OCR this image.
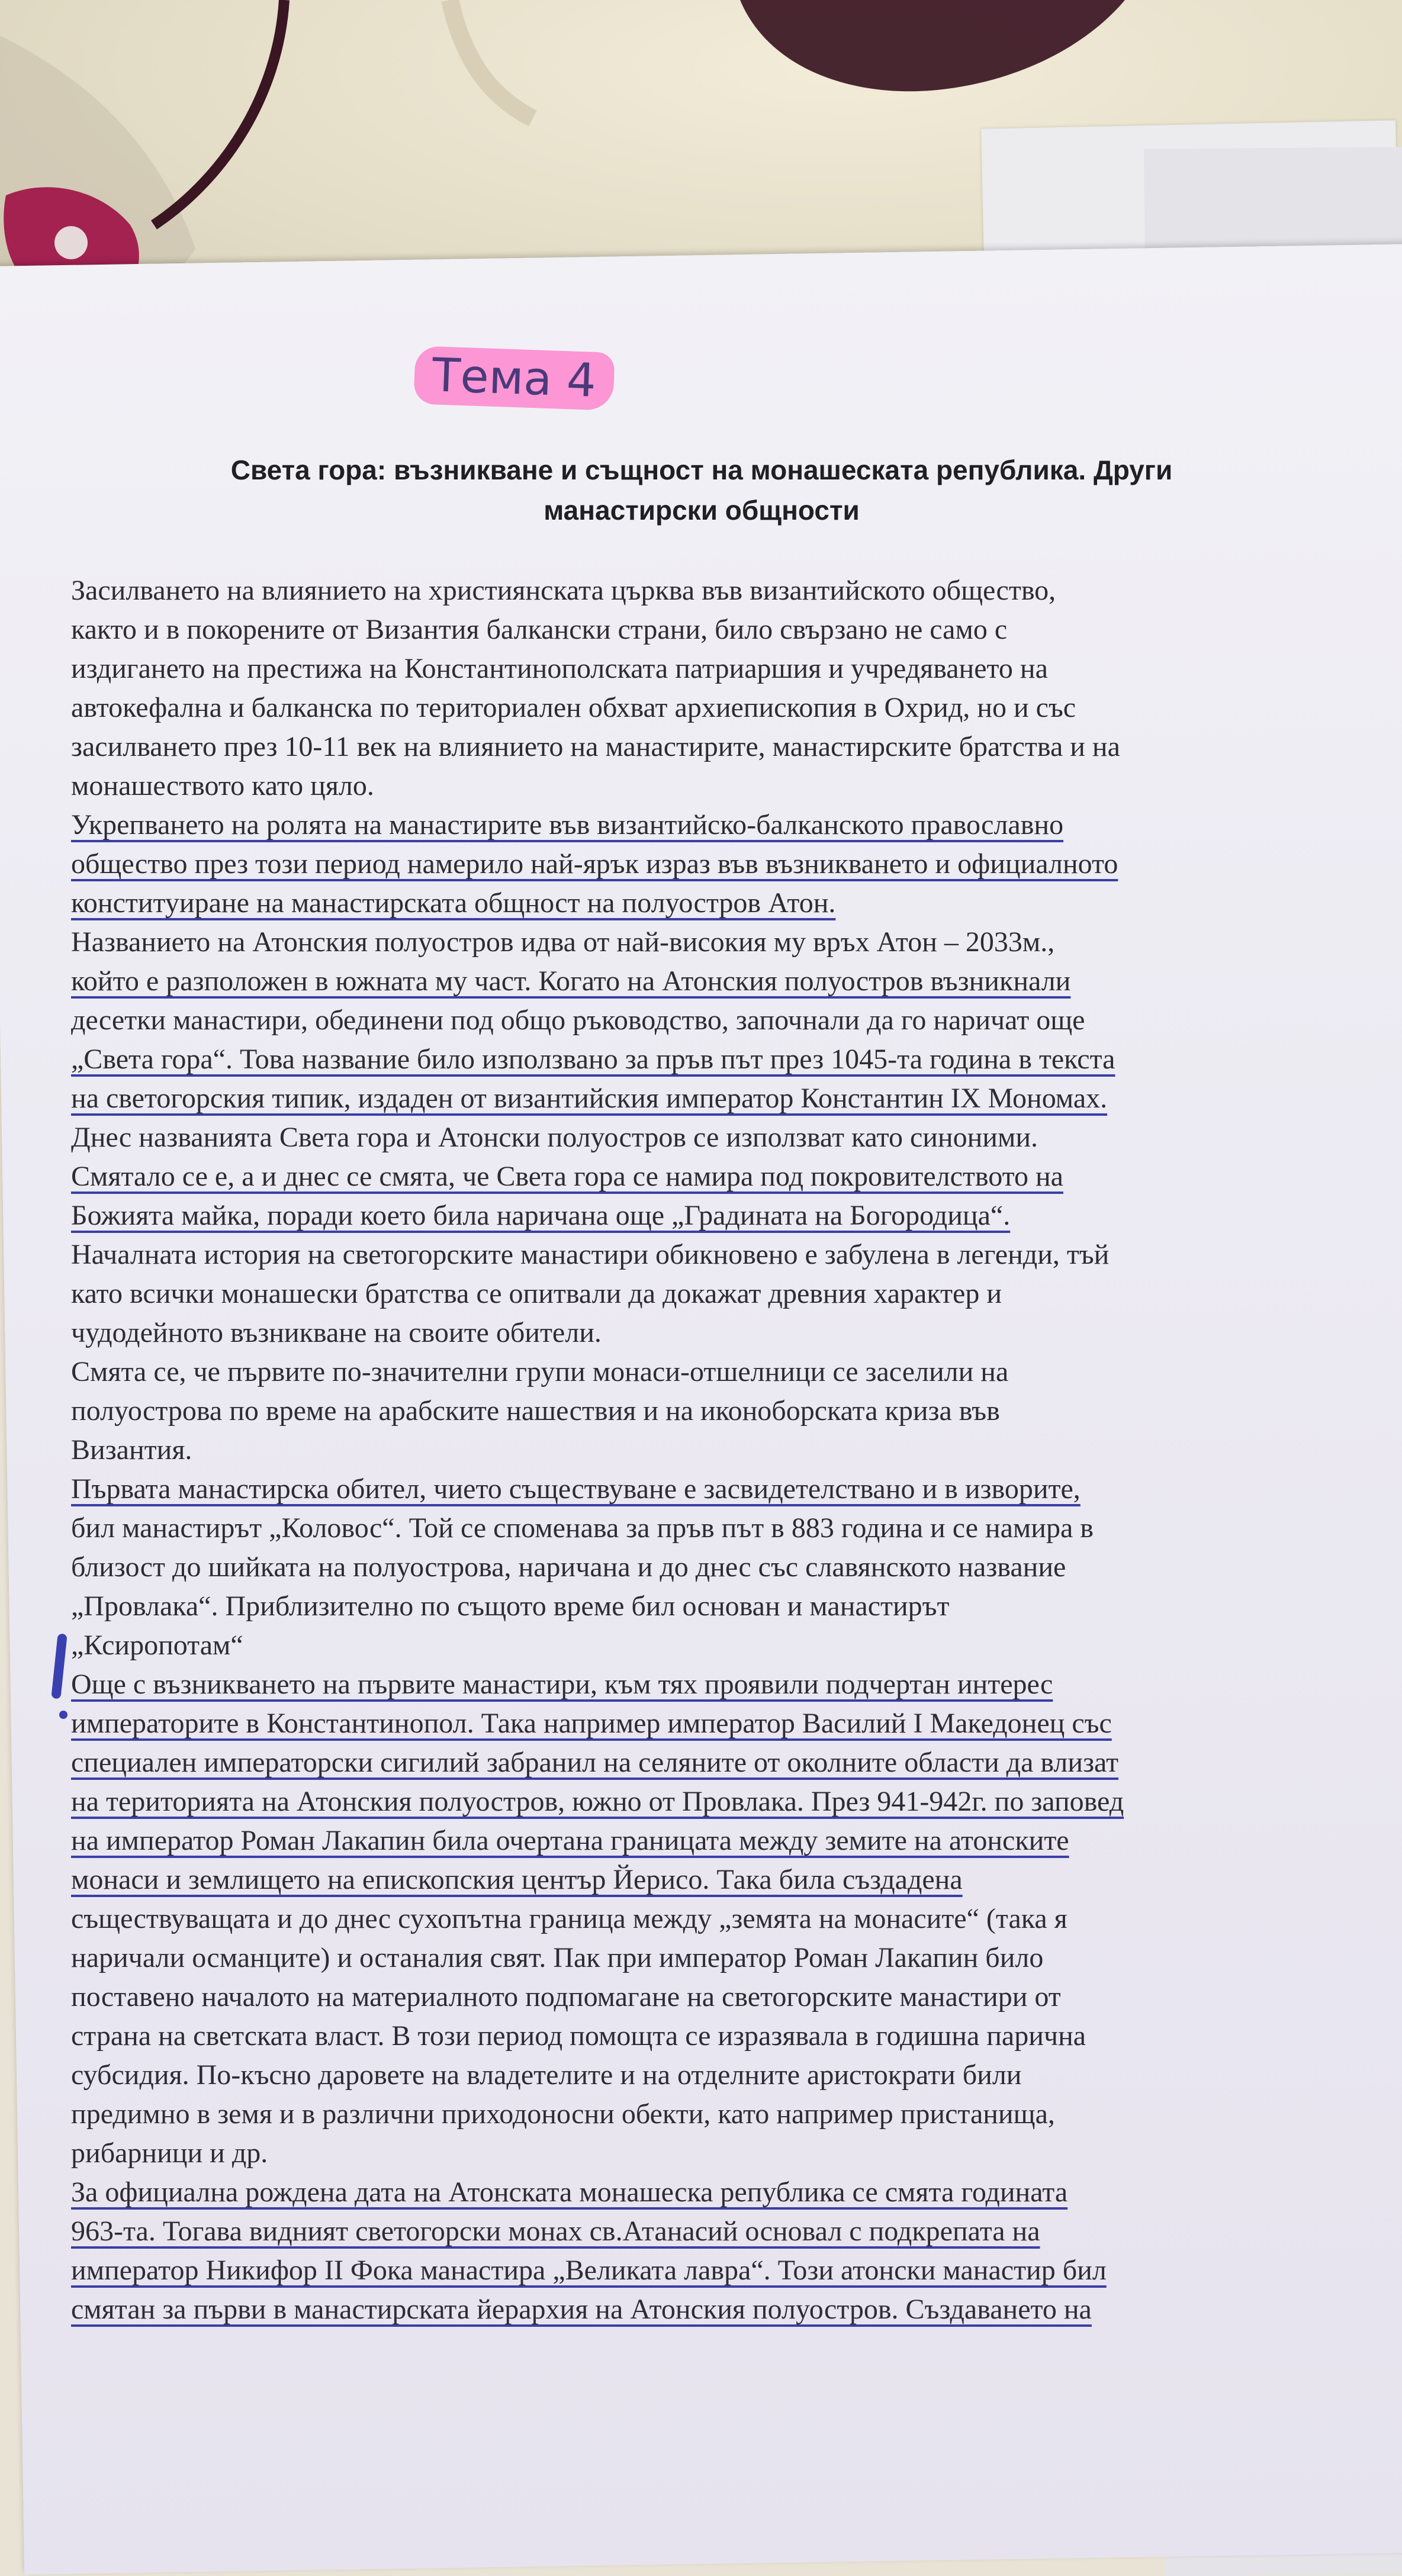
Тема 4
Света гора: възникване и същност на монашеската република. Други
манастирски общности
Засилването на влиянието на християнската църква във византийското общество,
както и в покорените от Византия балкански страни, било свързано не само с
издигането на престижа на Константинополската патриаршия и учредяването на
автокефална и балканска по териториален обхват архиепископия в Охрид, но и със
засилването през 10-11 век на влиянието на манастирите, манастирските братства и на
монашеството като цяло.
Укрепването на ролята на манастирите във византийско-балканското православно
общество през този период намерило най-ярък израз във възникването и официалното
конституиране на манастирската общност на полуостров Атон.
Названието на Атонския полуостров идва от най-високия му връх Атон – 2033м.,
който е разположен в южната му част. Когато на Атонския полуостров възникнали
десетки манастири, обединени под общо ръководство, започнали да го наричат още
„Света гора“. Това название било използвано за пръв път през 1045-та година в текста
на светогорския типик, издаден от византийския император Константин IX Мономах.
Днес названията Света гора и Атонски полуостров се използват като синоними.
Смятало се е, а и днес се смята, че Света гора се намира под покровителството на
Божията майка, поради което била наричана още „Градината на Богородица“.
Началната история на светогорските манастири обикновено е забулена в легенди, тъй
като всички монашески братства се опитвали да докажат древния характер и
чудодейното възникване на своите обители.
Смята се, че първите по-значителни групи монаси-отшелници се заселили на
полуострова по време на арабските нашествия и на иконоборската криза във
Византия.
Първата манастирска обител, чието съществуване е засвидетелствано и в изворите,
бил манастирът „Коловос“. Той се споменава за пръв път в 883 година и се намира в
близост до шийката на полуострова, наричана и до днес със славянското название
„Провлака“. Приблизително по същото време бил основан и манастирът
„Ксиропотам“
Още с възникването на първите манастири, към тях проявили подчертан интерес
императорите в Константинопол. Така например император Василий I Македонец със
специален императорски сигилий забранил на селяните от околните области да влизат
на територията на Атонския полуостров, южно от Провлака. През 941-942г. по заповед
на император Роман Лакапин била очертана границата между земите на атонските
монаси и землището на епископския център Йерисо. Така била създадена
съществуващата и до днес сухопътна граница между „земята на монасите“ (така я
наричали османците) и останалия свят. Пак при император Роман Лакапин било
поставено началото на материалното подпомагане на светогорските манастири от
страна на светската власт. В този период помощта се изразявала в годишна парична
субсидия. По-късно даровете на владетелите и на отделните аристократи били
предимно в земя и в различни приходоносни обекти, като например пристанища,
рибарници и др.
За официална рождена дата на Атонската монашеска република се смята годината
963-та. Тогава видният светогорски монах св.Атанасий основал с подкрепата на
император Никифор II Фока манастира „Великата лавра“. Този атонски манастир бил
смятан за първи в манастирската йерархия на Атонския полуостров. Създаването на
